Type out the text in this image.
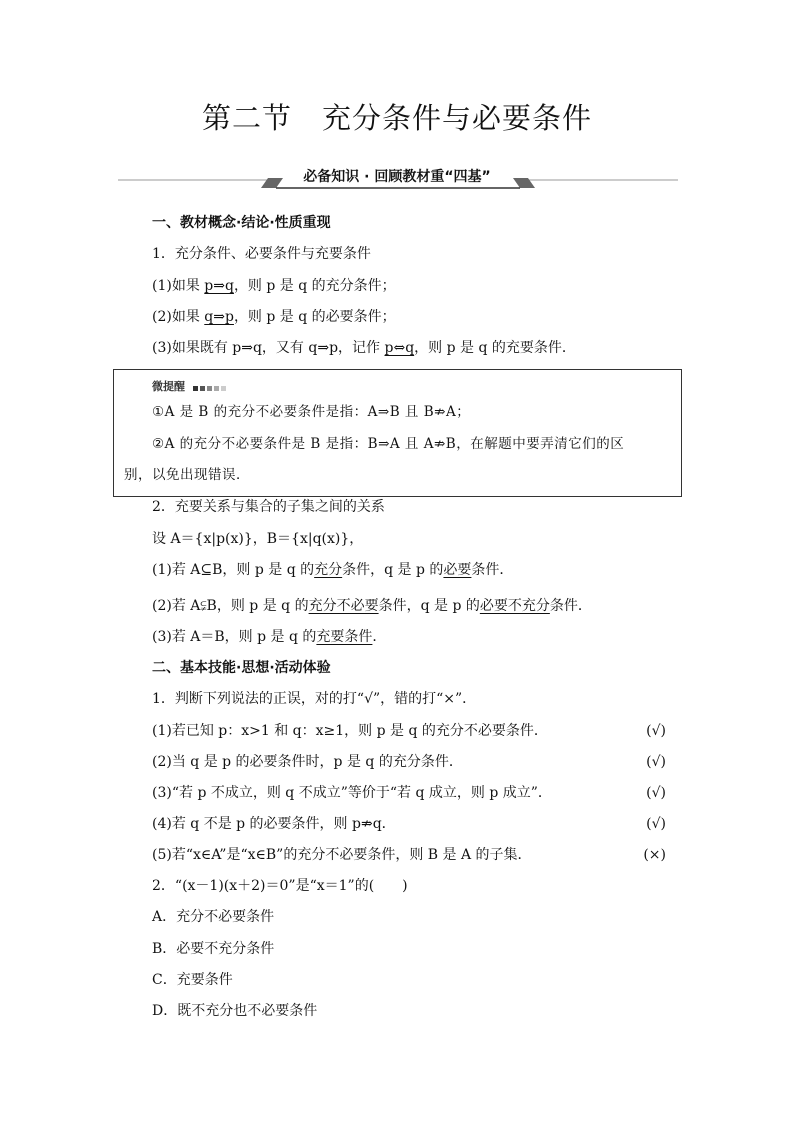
第二节　充分条件与必要条件
必备知识 · 回顾教材重“四基”
一、教材概念·结论·性质重现
1．充分条件、必要条件与充要条件
(1)如果 p⇒q，则 p 是 q 的充分条件；
(2)如果 q⇒p，则 p 是 q 的必要条件；
(3)如果既有 p⇒q，又有 q⇒p，记作 p⇔q，则 p 是 q 的充要条件．
微提醒
①A 是 B 的充分不必要条件是指：A⇒B 且 B⇏A；
②A 的充分不必要条件是 B 是指：B⇒A 且 A⇏B，在解题中要弄清它们的区
别，以免出现错误．
2．充要关系与集合的子集之间的关系
设 A＝{x|p(x)}，B＝{x|q(x)}，
(1)若 A⊆B，则 p 是 q 的充分条件，q 是 p 的必要条件．
(2)若 A⫋B，则 p 是 q 的充分不必要条件，q 是 p 的必要不充分条件．
(3)若 A＝B，则 p 是 q 的充要条件．
二、基本技能·思想·活动体验
1．判断下列说法的正误，对的打“√”，错的打“×”．
(1)若已知 p：x>1 和 q：x≥1，则 p 是 q 的充分不必要条件．	(√)
(2)当 q 是 p 的必要条件时，p 是 q 的充分条件．	(√)
(3)“若 p 不成立，则 q 不成立”等价于“若 q 成立，则 p 成立”．	(√)
(4)若 q 不是 p 的必要条件，则 p⇏q．	(√)
(5)若“x∈A”是“x∈B”的充分不必要条件，则 B 是 A 的子集．	(×)
2．“(x－1)(x＋2)＝0”是“x＝1”的(　　)
A．充分不必要条件
B．必要不充分条件
C．充要条件
D．既不充分也不必要条件
